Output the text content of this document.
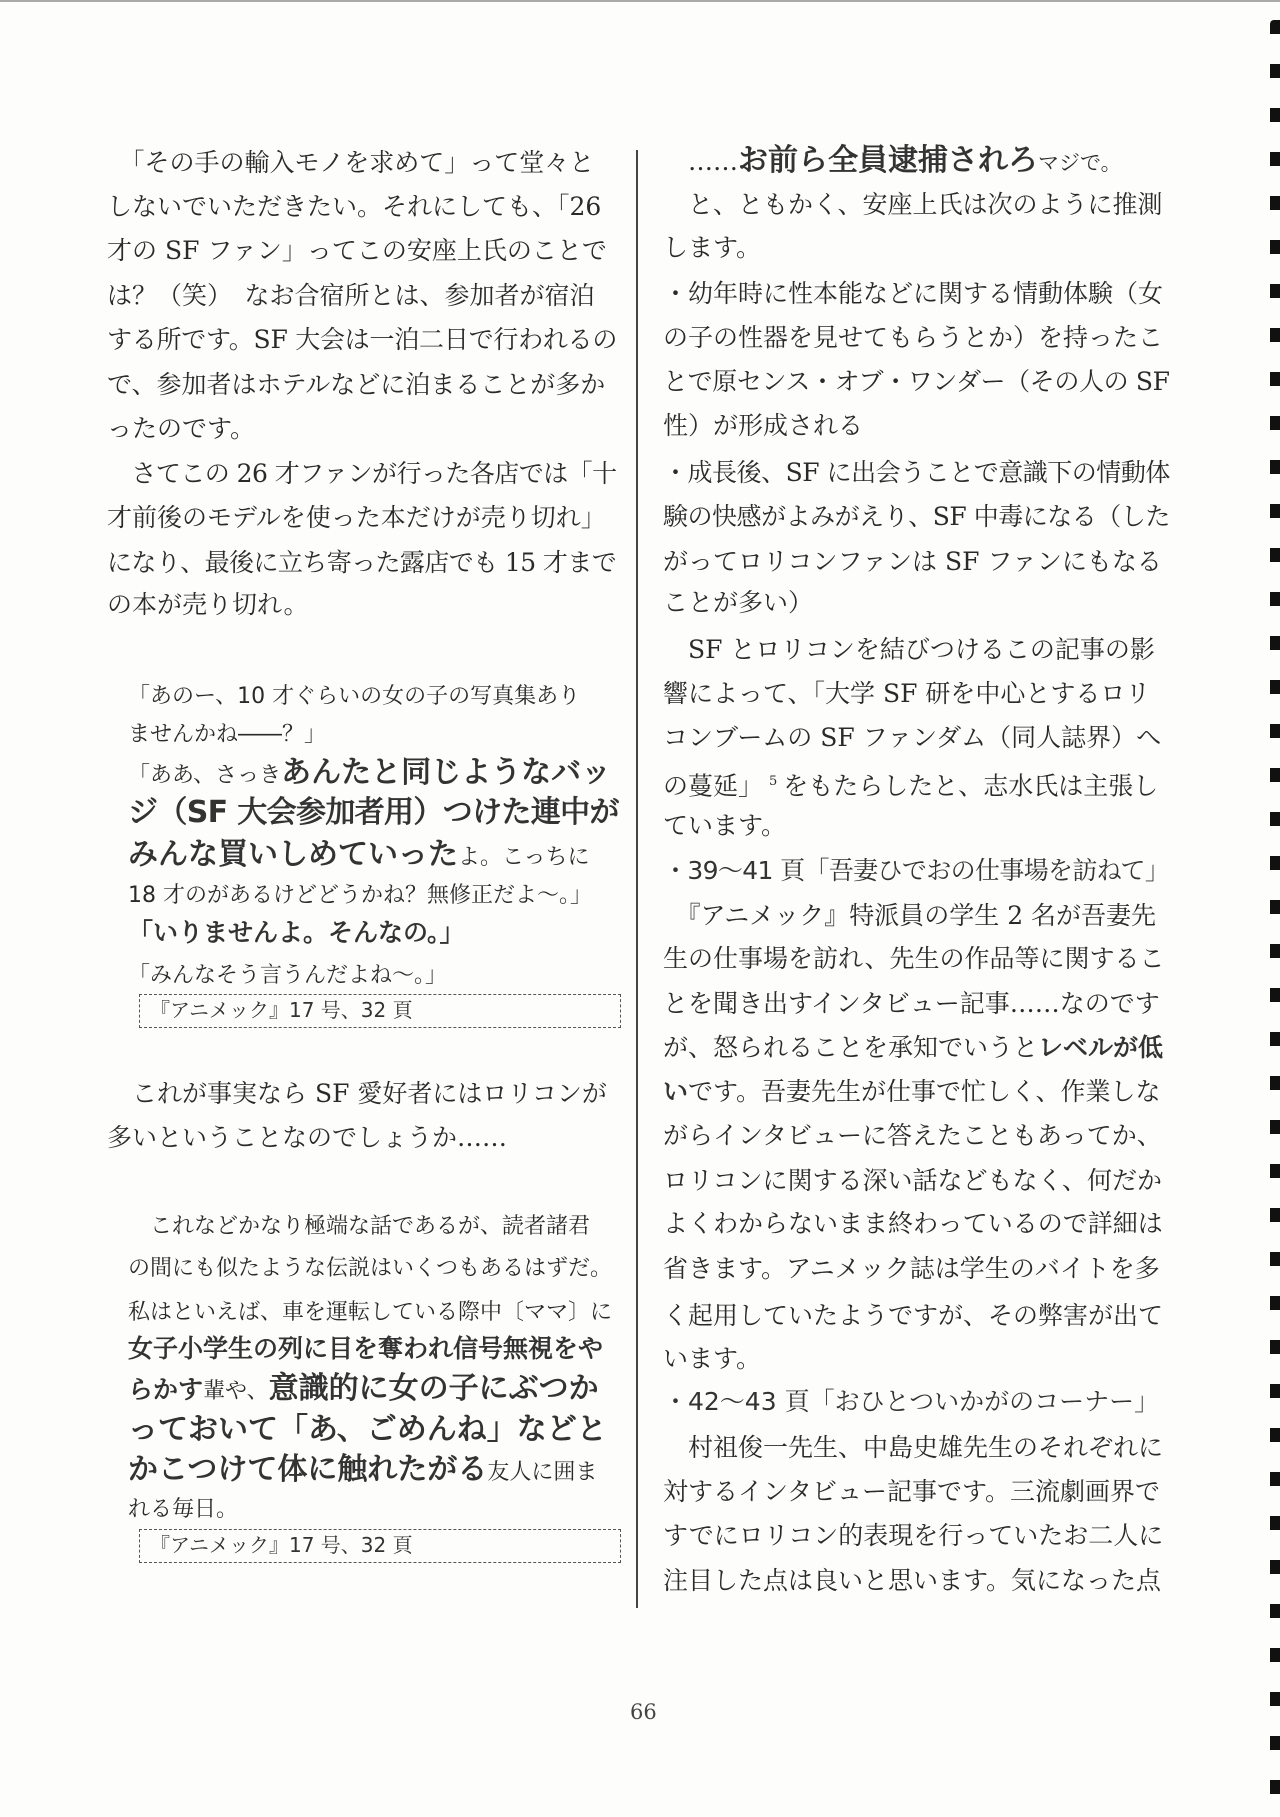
　「その手の輸入モノを求めて」って堂々と
しないでいただきたい。それにしても、「26
才の SF ファン」ってこの安座上氏のことで
は？（笑）　なお合宿所とは、参加者が宿泊
する所です。SF 大会は一泊二日で行われるの
で、参加者はホテルなどに泊まることが多か
ったのです。
　さてこの 26 才ファンが行った各店では「十
才前後のモデルを使った本だけが売り切れ」
になり、最後に立ち寄った露店でも 15 才まで
の本が売り切れ。
「あのー、10 才ぐらいの女の子の写真集あり
ませんかね――？」
「ああ、さっきあんたと同じようなバッ
ジ（SF 大会参加者用）つけた連中が
みんな買いしめていったよ。こっちに
18 才のがあるけどどうかね？無修正だよ～。」
「いりませんよ。そんなの。」
「みんなそう言うんだよね～。」
　これが事実なら SF 愛好者にはロリコンが
多いということなのでしょうか……
　これなどかなり極端な話であるが、読者諸君
の間にも似たような伝説はいくつもあるはずだ。
私はといえば、車を運転している際中〔ママ〕に
女子小学生の列に目を奪われ信号無視をや
らかす輩や、意識的に女の子にぶつか
っておいて「あ、ごめんね」などと
かこつけて体に触れたがる友人に囲ま
れる毎日。
　……お前ら全員逮捕されろマジで。
　と、ともかく、安座上氏は次のように推測
します。
・幼年時に性本能などに関する情動体験（女
の子の性器を見せてもらうとか）を持ったこ
とで原センス・オブ・ワンダー（その人の SF
性）が形成される
・成長後、SF に出会うことで意識下の情動体
験の快感がよみがえり、SF 中毒になる（した
がってロリコンファンは SF ファンにもなる
ことが多い）
　SF とロリコンを結びつけるこの記事の影
響によって、「大学 SF 研を中心とするロリ
コンブームの SF ファンダム（同人誌界）へ
の蔓延」 $^5$ をもたらしたと、志水氏は主張し
ています。
・39～41 頁「吾妻ひでおの仕事場を訪ねて」
　『アニメック』特派員の学生 2 名が吾妻先
生の仕事場を訪れ、先生の作品等に関するこ
とを聞き出すインタビュー記事……なのです
が、怒られることを承知でいうとレベルが低
いです。吾妻先生が仕事で忙しく、作業しな
がらインタビューに答えたこともあってか、
ロリコンに関する深い話などもなく、何だか
よくわからないまま終わっているので詳細は
省きます。アニメック誌は学生のバイトを多
く起用していたようですが、その弊害が出て
います。
・42～43 頁「おひとついかがのコーナー」
　村祖俊一先生、中島史雄先生のそれぞれに
対するインタビュー記事です。三流劇画界で
すでにロリコン的表現を行っていたお二人に
注目した点は良いと思います。気になった点
『アニメック』17 号、32 頁
『アニメック』17 号、32 頁
66
